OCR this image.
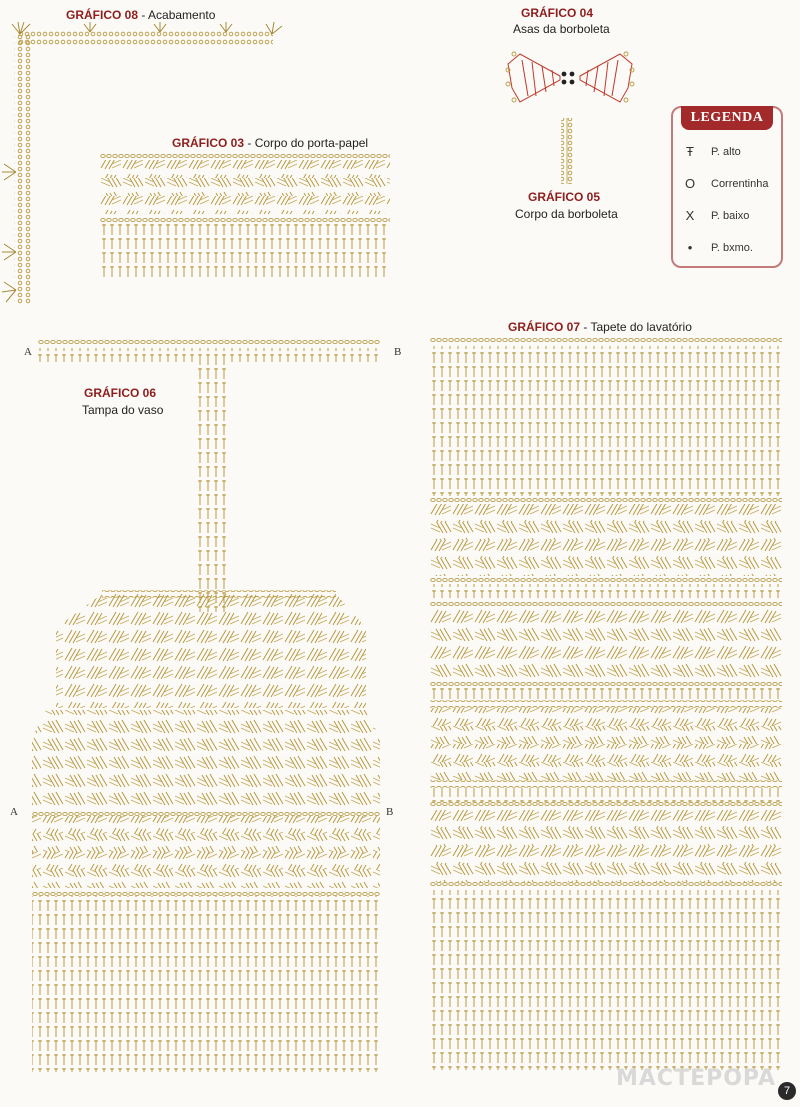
GRÁFICO 08 - Acabamento	GRÁFICO 04
Asas da borboleta
GRÁFICO 03 - Corpo do porta-papel
GRÁFICO 05
Corpo da borboleta
GRÁFICO 07 - Tapete do lavatório
GRÁFICO 06
Tampa do vaso
A	B
A	B
LEGENDA
Ŧ P. alto
O Correntinha
X P. baixo
•	P. bxmo.
MACTEPOPA 7
